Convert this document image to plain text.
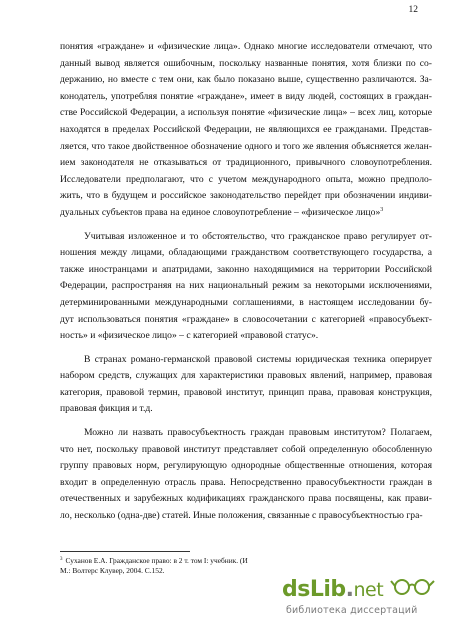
12
понятия «граждане» и «физические лица». Однако многие исследователи отмечают, что
данный вывод является ошибочным, поскольку названные понятия, хотя близки по со-
держанию, но вместе с тем они, как было показано выше, существенно различаются. За-
конодатель, употребляя понятие «граждане», имеет в виду людей, состоящих в граждан-
стве Российской Федерации, а используя понятие «физические лица» – всех лиц, которые
находятся в пределах Российской Федерации, не являющихся ее гражданами. Представ-
ляется, что такое двойственное обозначение одного и того же явления объясняется желан-
ием законодателя не отказываться от традиционного, привычного словоупотребления.
Исследователи предполагают, что с учетом международного опыта, можно предполо-
жить, что в будущем и российское законодательство перейдет при обозначении индиви-
дуальных субъектов права на единое словоупотребление – «физическое лицо»$^3$
Учитывая изложенное и то обстоятельство, что гражданское право регулирует от-
ношения между лицами, обладающими гражданством соответствующего государства, а
также иностранцами и апатридами, законно находящимися на территории Российской
Федерации, распространяя на них национальный режим за некоторыми исключениями,
детерминированными международными соглашениями, в настоящем исследовании бу-
дут использоваться понятия «граждане» в словосочетании с категорией «правосубъект-
ность» и «физическое лицо» – с категорией «правовой статус».
В странах романо-германской правовой системы юридическая техника оперирует
набором средств, служащих для характеристики правовых явлений, например, правовая
категория, правовой термин, правовой институт, принцип права, правовая конструкция,
правовая фикция и т.д.
Можно ли назвать правосубъектность граждан правовым институтом? Полагаем,
что нет, поскольку правовой институт представляет собой определенную обособленную
группу правовых норм, регулирующую однородные общественные отношения, которая
входит в определенную отрасль права. Непосредственно правосубъектности граждан в
отечественных и зарубежных кодификациях гражданского права посвящены, как прави-
ло, несколько (одна-две) статей. Иные положения, связанные с правосубъектностью гра-
$^3$ Суханов Е.А. Гражданское право: в 2 т. том I: учебник. (И
М.: Волтерс Клувер, 2004. С.152.
dsLib.net
библиотека диссертаций
